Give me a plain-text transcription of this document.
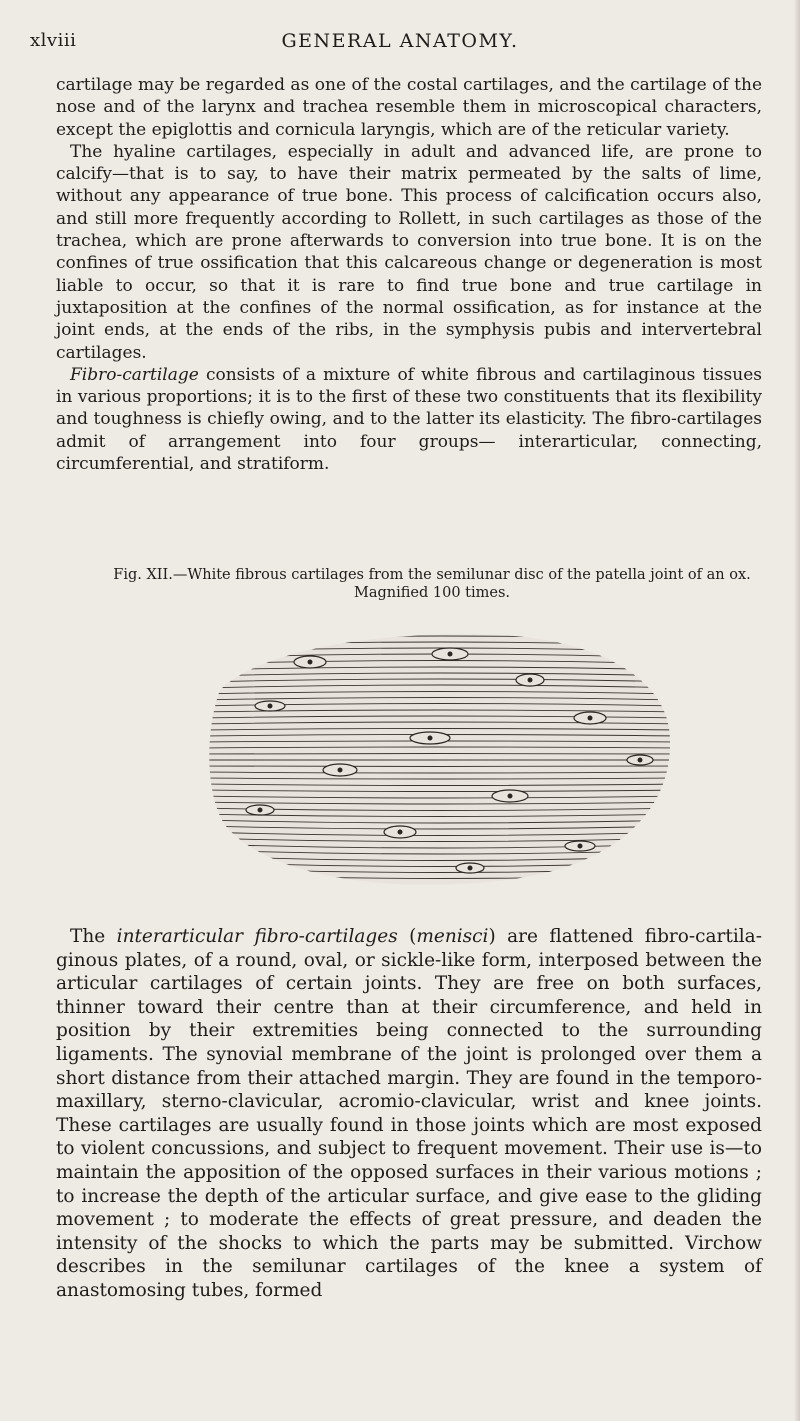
xlviii	GENERAL ANATOMY.

cartilage may be regarded as one of the costal cartilages, and the cartilage of the nose and of the larynx and trachea resemble them in microscopical characters, except the epiglottis and cornicula laryngis, which are of the reticular variety.

The hyaline cartilages, especially in adult and advanced life, are prone to calcify—that is to say, to have their matrix permeated by the salts of lime, without any appearance of true bone. This process of calcification occurs also, and still more frequently according to Rollett, in such cartilages as those of the trachea, which are prone afterwards to conversion into true bone. It is on the confines of true ossification that this calcareous change or degeneration is most liable to occur, so that it is rare to find true bone and true cartilage in juxtaposition at the confines of the normal ossification, as for instance at the joint ends, at the ends of the ribs, in the symphysis pubis and intervertebral cartilages.

Fibro-cartilage consists of a mixture of white fibrous and cartilaginous tissues in various proportions; it is to the first of these two constituents that its flexibility and toughness is chiefly owing, and to the latter its elasticity. The fibro-cartilages admit of arrangement into four groups— interarticular, connecting, circumferential, and stratiform.

Fig. XII.—White fibrous cartilages from the semilunar disc of the patella joint of an ox.
Magnified 100 times.

The interarticular fibro-cartilages (menisci) are flattened fibro-cartilaginous plates, of a round, oval, or sickle-like form, interposed between the articular cartilages of certain joints. They are free on both surfaces, thinner toward their centre than at their circumference, and held in position by their extremities being connected to the surrounding ligaments. The synovial membrane of the joint is prolonged over them a short distance from their attached margin. They are found in the temporo-maxillary, sterno-clavicular, acromio-clavicular, wrist and knee joints. These cartilages are usually found in those joints which are most exposed to violent concussions, and subject to frequent movement. Their use is—to maintain the apposition of the opposed surfaces in their various motions ; to increase the depth of the articular surface, and give ease to the gliding movement ; to moderate the effects of great pressure, and deaden the intensity of the shocks to which the parts may be submitted. Virchow describes in the semilunar cartilages of the knee a system of anastomosing tubes, formed
